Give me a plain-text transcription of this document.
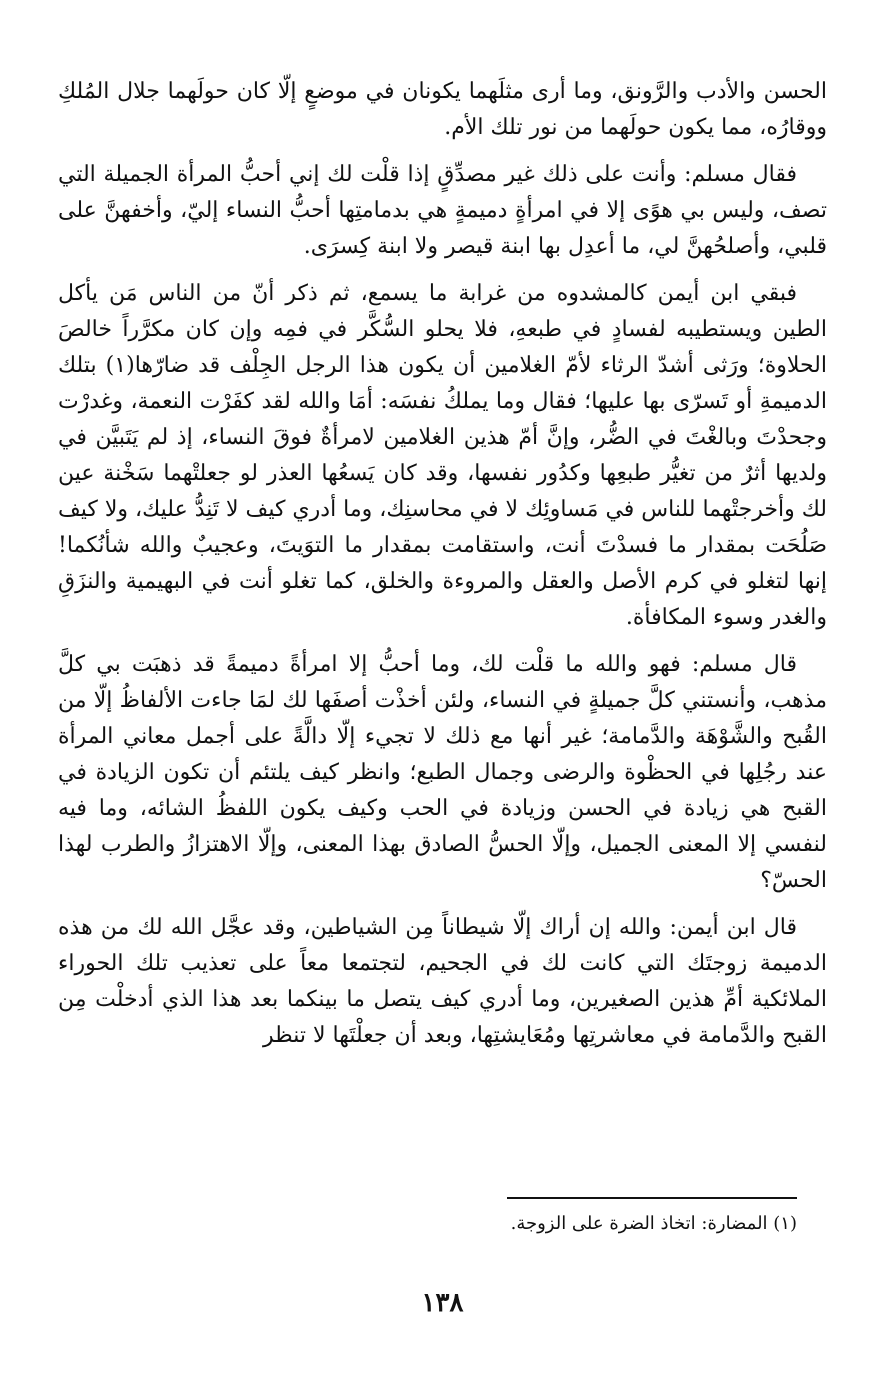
الحسن والأدب والرَّونق، وما أرى مثلَهما يكونان في موضعٍ إلّا كان حولَهما جلال المُلكِ ووقارُه، مما يكون حولَهما من نور تلك الأم.

فقال مسلم: وأنت على ذلك غير مصدِّقٍ إذا قلْت لك إني أحبُّ المرأة الجميلة التي تصف، وليس بي هوًى إلا في امرأةٍ دميمةٍ هي بدمامتِها أحبُّ النساء إليّ، وأخفهنَّ على قلبي، وأصلحُهنَّ لي، ما أعدِل بها ابنة قيصر ولا ابنة كِسرَى.

فبقي ابن أيمن كالمشدوه من غرابة ما يسمع، ثم ذكر أنّ من الناس مَن يأكل الطين ويستطيبه لفسادٍ في طبعهِ، فلا يحلو السُّكَّر في فمِه وإن كان مكرَّراً خالصَ الحلاوة؛ ورَثى أشدّ الرثاء لأمّ الغلامين أن يكون هذا الرجل الجِلْف قد ضارّها(١) بتلك الدميمةِ أو تَسرّى بها عليها؛ فقال وما يملكُ نفسَه: أمَا والله لقد كفَرْت النعمة، وغدرْت وجحدْتَ وبالغْتَ في الضُّر، وإنَّ أمّ هذين الغلامين لامرأةٌ فوقَ النساء، إذ لم يَتَبيَّن في ولديها أثرٌ من تغيُّر طبعِها وكدُور نفسها، وقد كان يَسعُها العذر لو جعلتْهما سَخْنة عين لك وأخرجتْهما للناس في مَساوئِك لا في محاسنِك، وما أدري كيف لا تَنِدُّ عليك، ولا كيف صَلُحَت بمقدار ما فسدْتَ أنت، واستقامت بمقدار ما التوَيتَ، وعجيبٌ والله شأنُكما! إنها لتغلو في كرم الأصل والعقل والمروءة والخلق، كما تغلو أنت في البهيمية والنزَقِ والغدر وسوء المكافأة.

قال مسلم: فهو والله ما قلْت لك، وما أحبُّ إلا امرأةً دميمةً قد ذهبَت بي كلَّ مذهب، وأنستني كلَّ جميلةٍ في النساء، ولئن أخذْت أصفَها لك لمَا جاءت الألفاظُ إلّا من القُبح والشَّوْهَة والدَّمامة؛ غير أنها مع ذلك لا تجيء إلّا دالَّةً على أجمل معاني المرأة عند رجُلِها في الحظْوة والرضى وجمال الطبع؛ وانظر كيف يلتئم أن تكون الزيادة في القبح هي زيادة في الحسن وزيادة في الحب وكيف يكون اللفظُ الشائه، وما فيه لنفسي إلا المعنى الجميل، وإلّا الحسُّ الصادق بهذا المعنى، وإلّا الاهتزازُ والطرب لهذا الحسّ؟

قال ابن أيمن: والله إن أراك إلّا شيطاناً مِن الشياطين، وقد عجَّل الله لك من هذه الدميمة زوجتَك التي كانت لك في الجحيم، لتجتمعا معاً على تعذيب تلك الحوراء الملائكية أمِّ هذين الصغيرين، وما أدري كيف يتصل ما بينكما بعد هذا الذي أدخلْت مِن القبح والدَّمامة في معاشرتِها ومُعَايشتِها، وبعد أن جعلْتَها لا تنظر

(١) المضارة: اتخاذ الضرة على الزوجة.

١٣٨
